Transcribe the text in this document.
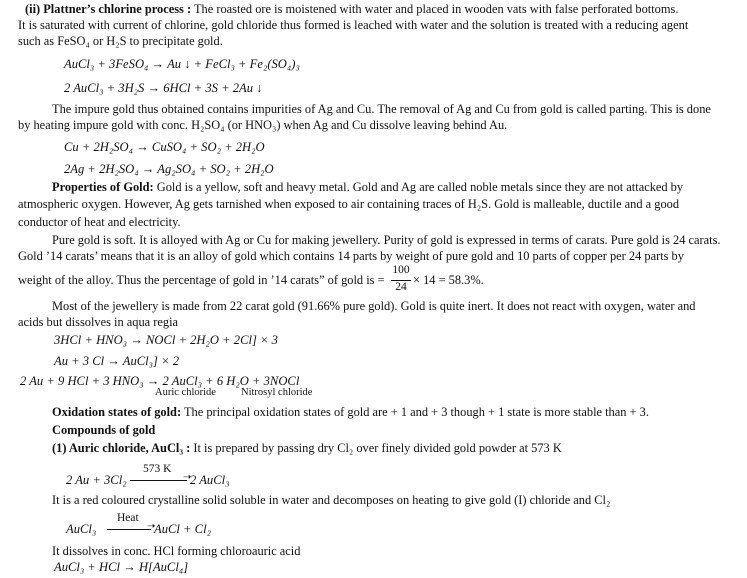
(ii) Plattner’s chlorine process : The roasted ore is moistened with water and placed in wooden vats with false perforated bottoms.
It is saturated with current of chlorine, gold chloride thus formed is leached with water and the solution is treated with a reducing agent
such as FeSO₄ or H₂S to precipitate gold.
AuCl₃ + 3FeSO₄ → Au ↓ + FeCl₃ + Fe₂(SO₄)₃
2 AuCl₃ + 3H₂S → 6HCl + 3S + 2Au ↓
The impure gold thus obtained contains impurities of Ag and Cu. The removal of Ag and Cu from gold is called parting. This is done
by heating impure gold with conc. H₂SO₄ (or HNO₃) when Ag and Cu dissolve leaving behind Au.
Cu + 2H₂SO₄ → CuSO₄ + SO₂ + 2H₂O
2Ag + 2H₂SO₄ → Ag₂SO₄ + SO₂ + 2H₂O
Properties of Gold: Gold is a yellow, soft and heavy metal. Gold and Ag are called noble metals since they are not attacked by
atmospheric oxygen. However, Ag gets tarnished when exposed to air containing traces of H₂S. Gold is malleable, ductile and a good
conductor of heat and electricity.
Pure gold is soft. It is alloyed with Ag or Cu for making jewellery. Purity of gold is expressed in terms of carats. Pure gold is 24 carats.
Gold ’14 carats’ means that it is an alloy of gold which contains 14 parts by weight of pure gold and 10 parts of copper per 24 parts by
weight of the alloy. Thus the percentage of gold in ’14 carats” of gold is =
100
24 × 14 = 58.3%.
Most of the jewellery is made from 22 carat gold (91.66% pure gold). Gold is quite inert. It does not react with oxygen, water and
acids but dissolves in aqua regia
3HCl + HNO₃ → NOCl + 2H₂O + 2Cl] × 3
Au + 3 Cl → AuCl₃] × 2
2 Au + 9 HCl + 3 HNO₃ → 2 AuCl₃ + 6 H₂O + 3NOCl
Auric chloride Nitrosyl chloride
Oxidation states of gold: The principal oxidation states of gold are + 1 and + 3 though + 1 state is more stable than + 3.
Compounds of gold
(1) Auric chloride, AuCl₃ : It is prepared by passing dry Cl₂ over finely divided gold powder at 573 K
2 Au + 3Cl₂
573 K
➝
2 AuCl₃
It is a red coloured crystalline solid soluble in water and decomposes on heating to give gold (I) chloride and Cl₂
AuCl₃
Heat
➝
AuCl + Cl₂
It dissolves in conc. HCl forming chloroauric acid
AuCl₃ + HCl → H[AuCl₄]
